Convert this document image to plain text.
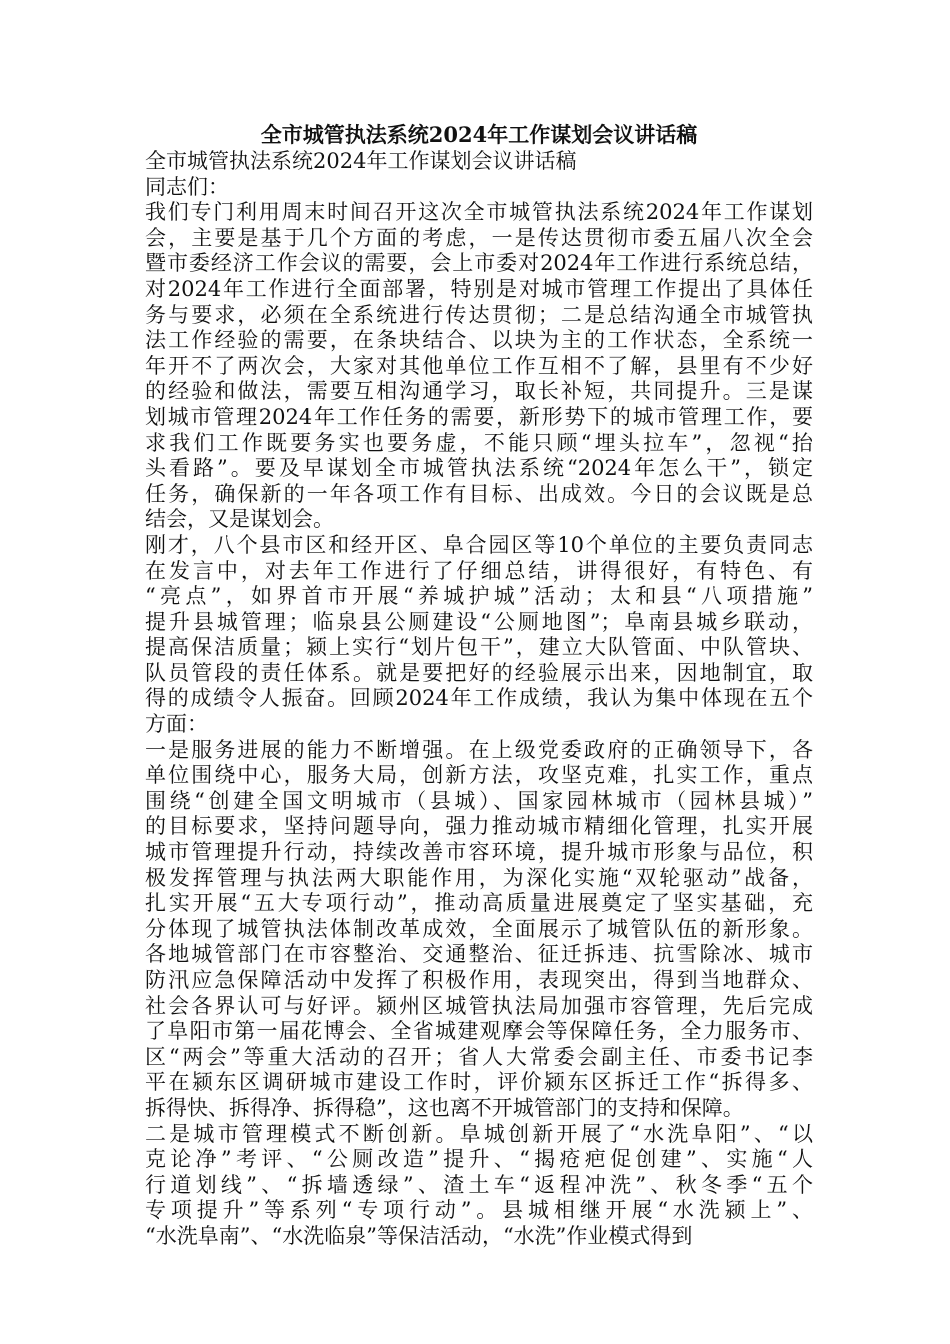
全市城管执法系统2024年工作谋划会议讲话稿
全市城管执法系统2024年工作谋划会议讲话稿
同志们：
我们专门利用周末时间召开这次全市城管执法系统2024年工作谋划
会，主要是基于几个方面的考虑，一是传达贯彻市委五届八次全会
暨市委经济工作会议的需要，会上市委对2024年工作进行系统总结，
对2024年工作进行全面部署，特别是对城市管理工作提出了具体任
务与要求，必须在全系统进行传达贯彻；二是总结沟通全市城管执
法工作经验的需要，在条块结合、以块为主的工作状态，全系统一
年开不了两次会，大家对其他单位工作互相不了解，县里有不少好
的经验和做法，需要互相沟通学习，取长补短，共同提升。三是谋
划城市管理2024年工作任务的需要，新形势下的城市管理工作，要
求我们工作既要务实也要务虚，不能只顾“埋头拉车”，忽视“抬
头看路”。要及早谋划全市城管执法系统“2024年怎么干”，锁定
任务，确保新的一年各项工作有目标、出成效。今日的会议既是总
结会，又是谋划会。
刚才，八个县市区和经开区、阜合园区等10个单位的主要负责同志
在发言中，对去年工作进行了仔细总结，讲得很好，有特色、有
“亮点”，如界首市开展“养城护城”活动；太和县“八项措施”
提升县城管理；临泉县公厕建设“公厕地图”；阜南县城乡联动，
提高保洁质量；颍上实行“划片包干”，建立大队管面、中队管块、
队员管段的责任体系。就是要把好的经验展示出来，因地制宜，取
得的成绩令人振奋。回顾2024年工作成绩，我认为集中体现在五个
方面：
一是服务进展的能力不断增强。在上级党委政府的正确领导下，各
单位围绕中心，服务大局，创新方法，攻坚克难，扎实工作，重点
围绕“创建全国文明城市（县城）、国家园林城市（园林县城）”
的目标要求，坚持问题导向，强力推动城市精细化管理，扎实开展
城市管理提升行动，持续改善市容环境，提升城市形象与品位，积
极发挥管理与执法两大职能作用，为深化实施“双轮驱动”战备，
扎实开展“五大专项行动”，推动高质量进展奠定了坚实基础，充
分体现了城管执法体制改革成效，全面展示了城管队伍的新形象。
各地城管部门在市容整治、交通整治、征迁拆违、抗雪除冰、城市
防汛应急保障活动中发挥了积极作用，表现突出，得到当地群众、
社会各界认可与好评。颍州区城管执法局加强市容管理，先后完成
了阜阳市第一届花博会、全省城建观摩会等保障任务，全力服务市、
区“两会”等重大活动的召开；省人大常委会副主任、市委书记李
平在颍东区调研城市建设工作时，评价颍东区拆迁工作“拆得多、
拆得快、拆得净、拆得稳”，这也离不开城管部门的支持和保障。
二是城市管理模式不断创新。阜城创新开展了“水洗阜阳”、“以
克论净”考评、“公厕改造”提升、“揭疮疤促创建”、实施“人
行道划线”、“拆墙透绿”、渣土车“返程冲洗”、秋冬季“五个
专项提升”等系列“专项行动”。县城相继开展“水洗颍上”、
“水洗阜南”、“水洗临泉”等保洁活动，“水洗”作业模式得到
